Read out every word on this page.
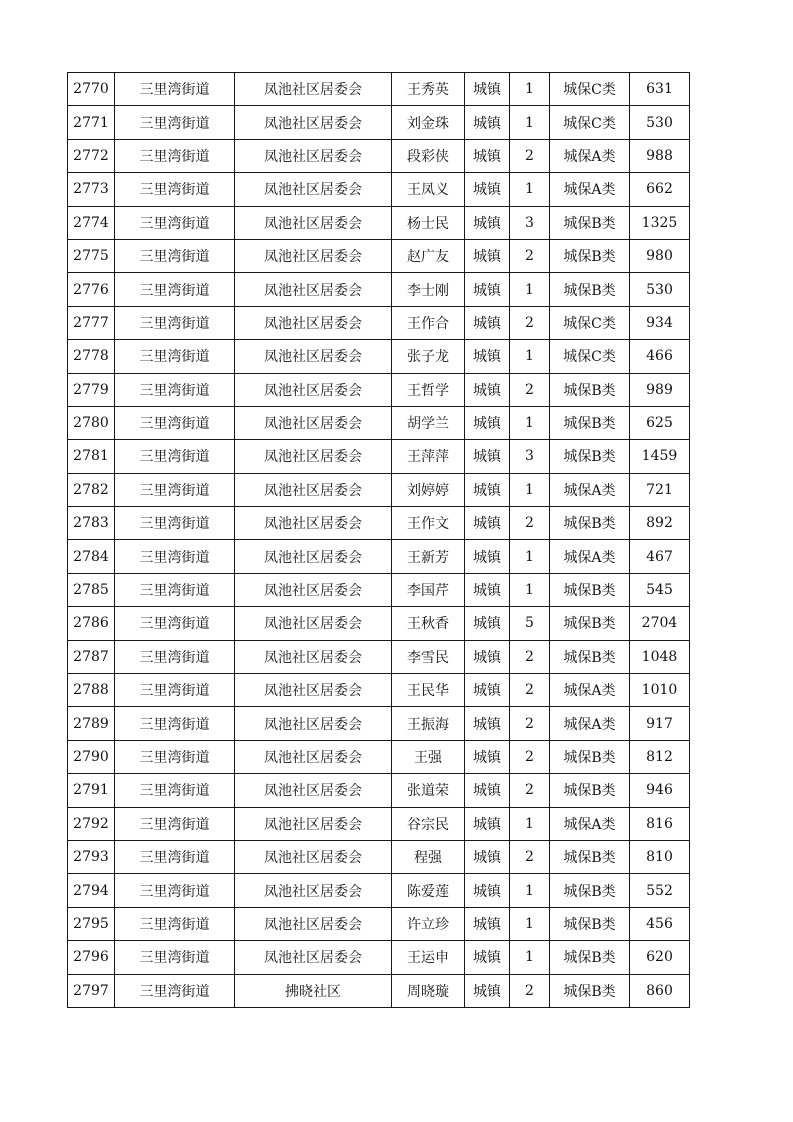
2770	三里湾街道	凤池社区居委会	王秀英	城镇	1	城保C类	631
2771	三里湾街道	凤池社区居委会	刘金珠	城镇	1	城保C类	530
2772	三里湾街道	凤池社区居委会	段彩侠	城镇	2	城保A类	988
2773	三里湾街道	凤池社区居委会	王凤义	城镇	1	城保A类	662
2774	三里湾街道	凤池社区居委会	杨士民	城镇	3	城保B类	1325
2775	三里湾街道	凤池社区居委会	赵广友	城镇	2	城保B类	980
2776	三里湾街道	凤池社区居委会	李士刚	城镇	1	城保B类	530
2777	三里湾街道	凤池社区居委会	王作合	城镇	2	城保C类	934
2778	三里湾街道	凤池社区居委会	张子龙	城镇	1	城保C类	466
2779	三里湾街道	凤池社区居委会	王哲学	城镇	2	城保B类	989
2780	三里湾街道	凤池社区居委会	胡学兰	城镇	1	城保B类	625
2781	三里湾街道	凤池社区居委会	王萍萍	城镇	3	城保B类	1459
2782	三里湾街道	凤池社区居委会	刘婷婷	城镇	1	城保A类	721
2783	三里湾街道	凤池社区居委会	王作文	城镇	2	城保B类	892
2784	三里湾街道	凤池社区居委会	王新芳	城镇	1	城保A类	467
2785	三里湾街道	凤池社区居委会	李国芹	城镇	1	城保B类	545
2786	三里湾街道	凤池社区居委会	王秋香	城镇	5	城保B类	2704
2787	三里湾街道	凤池社区居委会	李雪民	城镇	2	城保B类	1048
2788	三里湾街道	凤池社区居委会	王民华	城镇	2	城保A类	1010
2789	三里湾街道	凤池社区居委会	王振海	城镇	2	城保A类	917
2790	三里湾街道	凤池社区居委会	王强	城镇	2	城保B类	812
2791	三里湾街道	凤池社区居委会	张道荣	城镇	2	城保B类	946
2792	三里湾街道	凤池社区居委会	谷宗民	城镇	1	城保A类	816
2793	三里湾街道	凤池社区居委会	程强	城镇	2	城保B类	810
2794	三里湾街道	凤池社区居委会	陈爱莲	城镇	1	城保B类	552
2795	三里湾街道	凤池社区居委会	许立珍	城镇	1	城保B类	456
2796	三里湾街道	凤池社区居委会	王运申	城镇	1	城保B类	620
2797	三里湾街道	拂晓社区	周晓璇	城镇	2	城保B类	860
